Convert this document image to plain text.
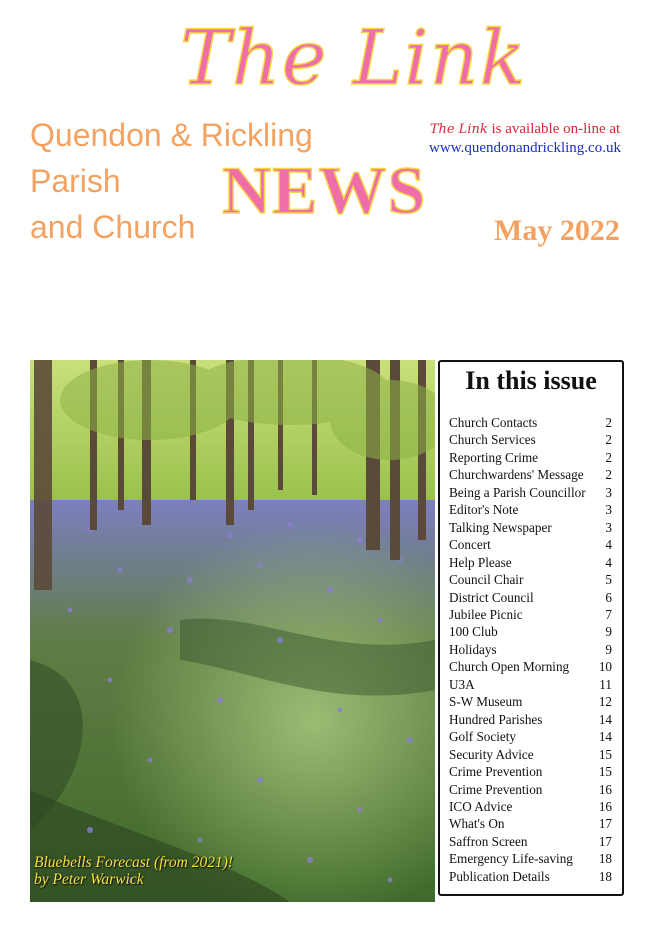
The Link
Quendon & Rickling
Parish
and Church NEWS
The Link is available on-line at
www.quendonandrickling.co.uk
May 2022
Bluebells Forecast (from 2021)!
by Peter Warwick
In this issue
Church Contacts	2
Church Services	2
Reporting Crime	2
Churchwardens' Message 2
Being a Parish Councillor 3
Editor's Note	3
Talking Newspaper	3
Concert	4
Help Please	4
Council Chair	5
District Council	6
Jubilee Picnic	7
100 Club	9
Holidays	9
Church Open Morning 10
U3A	11
S-W Museum	12
Hundred Parishes	14
Golf Society	14
Security Advice	15
Crime Prevention	15
Crime Prevention	16
ICO Advice	16
What's On	17
Saffron Screen	17
Emergency Life-saving 18
Publication Details	18
